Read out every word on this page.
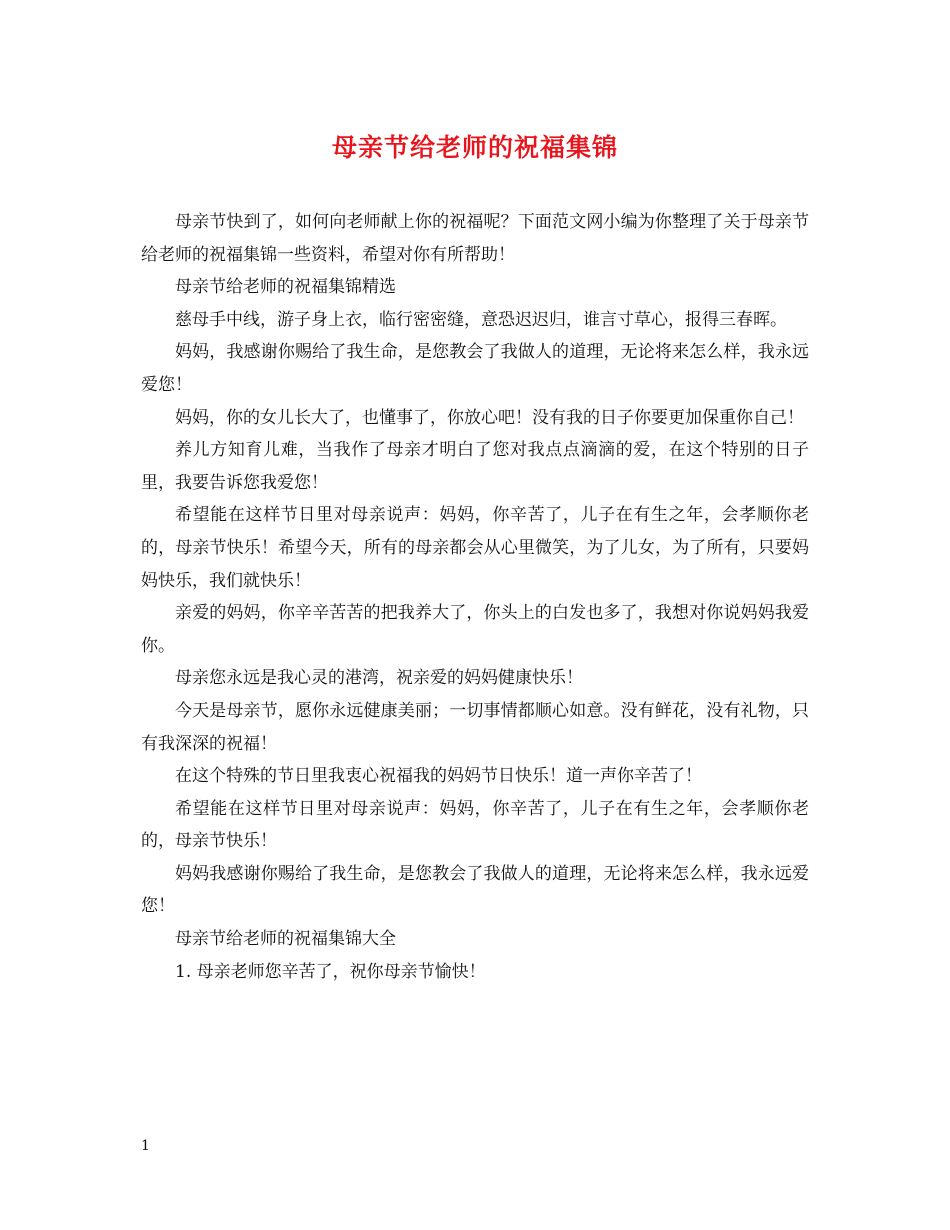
母亲节给老师的祝福集锦

母亲节快到了，如何向老师献上你的祝福呢？下面范文网小编为你整理了关于母亲节给老师的祝福集锦一些资料，希望对你有所帮助！

母亲节给老师的祝福集锦精选

慈母手中线，游子身上衣，临行密密缝，意恐迟迟归，谁言寸草心，报得三春晖。

妈妈，我感谢你赐给了我生命，是您教会了我做人的道理，无论将来怎么样，我永远爱您！

妈妈，你的女儿长大了，也懂事了，你放心吧！没有我的日子你要更加保重你自己！

养儿方知育儿难，当我作了母亲才明白了您对我点点滴滴的爱，在这个特别的日子里，我要告诉您我爱您！

希望能在这样节日里对母亲说声：妈妈，你辛苦了，儿子在有生之年，会孝顺你老的，母亲节快乐！希望今天，所有的母亲都会从心里微笑，为了儿女，为了所有，只要妈妈快乐，我们就快乐！

亲爱的妈妈，你辛辛苦苦的把我养大了，你头上的白发也多了，我想对你说妈妈我爱你。

母亲您永远是我心灵的港湾，祝亲爱的妈妈健康快乐！

今天是母亲节，愿你永远健康美丽；一切事情都顺心如意。没有鲜花，没有礼物，只有我深深的祝福！

在这个特殊的节日里我衷心祝福我的妈妈节日快乐！道一声你辛苦了！

希望能在这样节日里对母亲说声：妈妈，你辛苦了，儿子在有生之年，会孝顺你老的，母亲节快乐！

妈妈我感谢你赐给了我生命，是您教会了我做人的道理，无论将来怎么样，我永远爱您！

母亲节给老师的祝福集锦大全

1. 母亲老师您辛苦了，祝你母亲节愉快！

1
